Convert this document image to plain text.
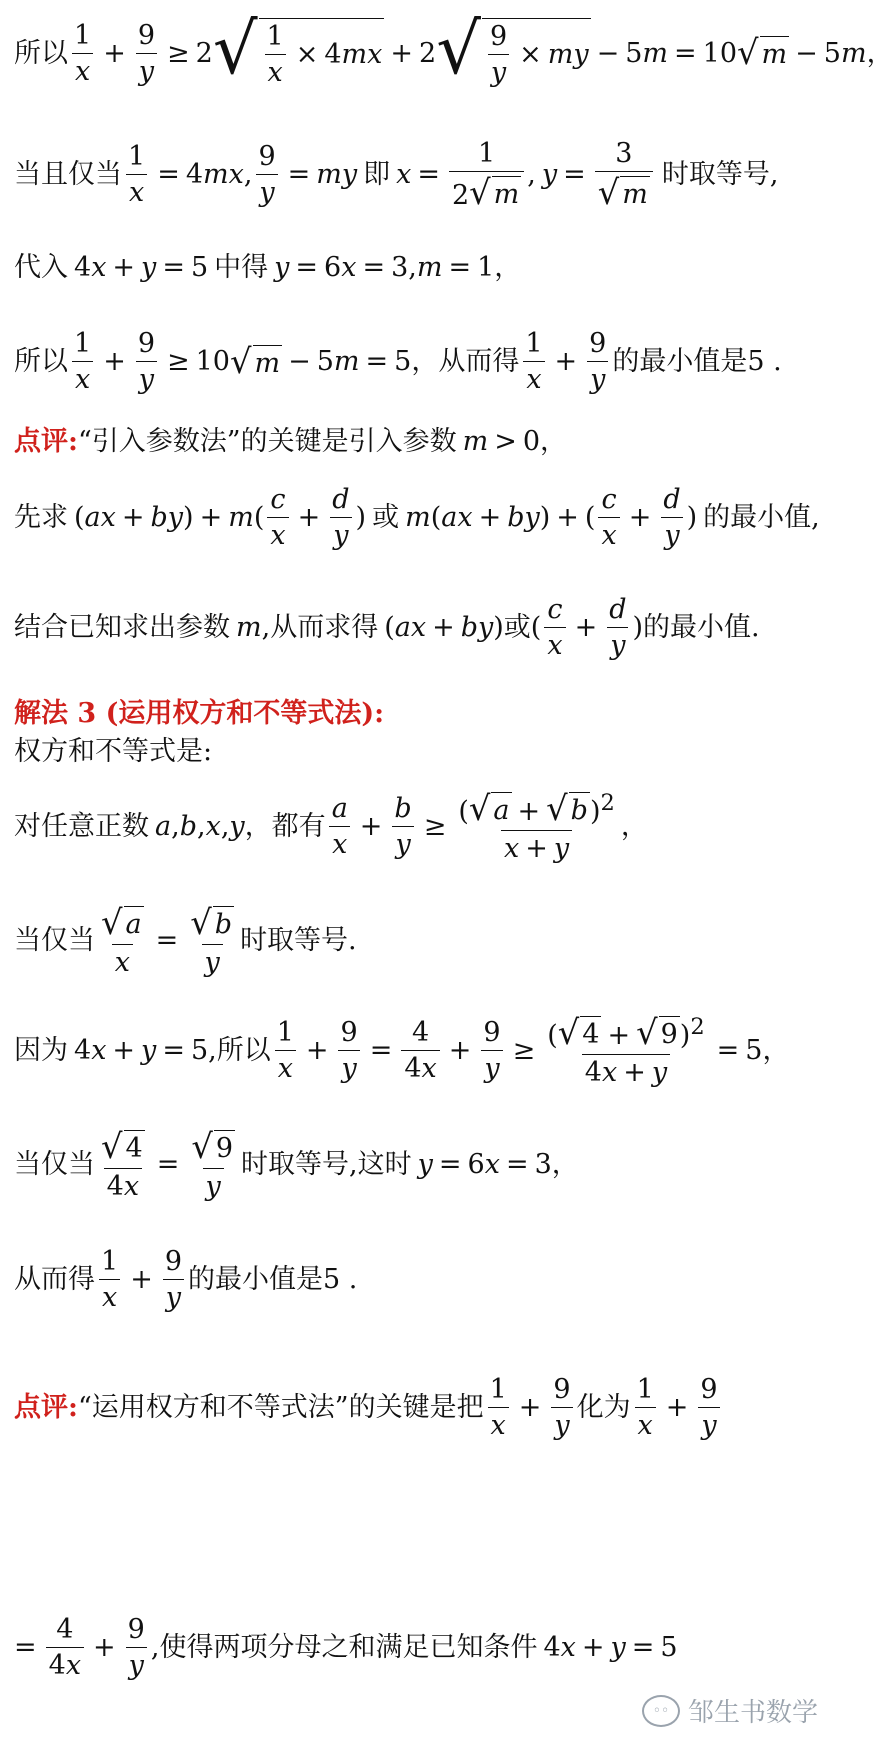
所以 $\frac{1}{x} + \frac{9}{y} \ge 2$ √ $\frac{1}{x} \times 4$ mx + 2 √ $\frac{9}{y}$ × my − 5 m = 10 √ m − 5 m ，
当且仅当 $\frac{1}{x} = 4$ mx , $\frac{9}{y}$ = my 即 $x = \frac{1}{2 √ m}$ , $y = \frac{3}{√ m}$ 时取等号,
代入 4 x + y = 5 中得 y = 6 x = 3, m = 1 ，
所以 $\frac{1}{x} + \frac{9}{y} \ge 10$ √ m − 5 m = 5 ，从而得 $\frac{1}{x} + \frac{9}{y}$ 的最小值是 5 .
点评: “引入参数法”的关键是引入参数 m > 0 ，
先求 ( ax + by ) + m ( $\frac{c}{x} + \frac{d}{y}$ ) 或 m ( ax + by ) + ( $\frac{c}{x} + \frac{d}{y}$ ) 的最小值,
结合已知求出参数 m ,从而求得 ( ax + by ) 或 ( $\frac{c}{x} + \frac{d}{y}$ ) 的最小值.
解法 3 (运用权方和不等式法):
权方和不等式是:
对任意正数 a , b , x , y ，都有 $\frac{a}{x} + \frac{b}{y} \ge \frac{( √ a + √ b )^2}{x + y}$ ，
当仅当 $\frac{√ a}{x} = \frac{√ b}{y}$ 时取等号.
因为 4 x + y = 5 ,所以 $\frac{1}{x} + \frac{9}{y} = \frac{4}{4x} + \frac{9}{y} \ge \frac{( √ 4 + √ 9 )^2}{4x + y} = 5$ ，
当仅当 $\frac{√ 4}{4x} = \frac{√ 9}{y}$ 时取等号,这时 y = 6 x = 3 ，
从而得 $\frac{1}{x} + \frac{9}{y}$ 的最小值是 5 .
点评: “运用权方和不等式法”的关键是把 $\frac{1}{x} + \frac{9}{y}$ 化为 $\frac{1}{x} + \frac{9}{y}$
= $\frac{4}{4x} + \frac{9}{y}$ ,使得两项分母之和满足已知条件 4 x + y = 5
◦◦ 邹生书数学
